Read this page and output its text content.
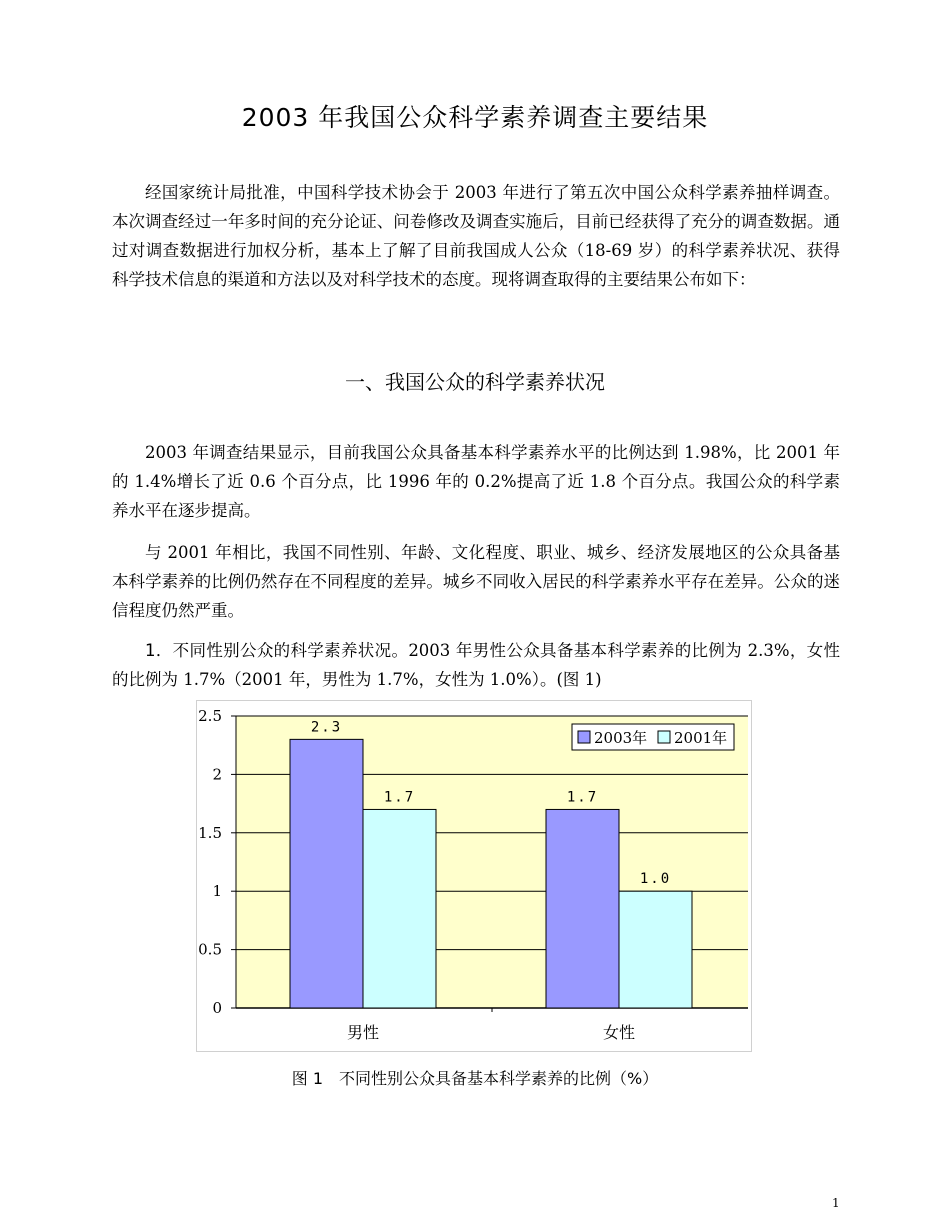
2003 年我国公众科学素养调查主要结果

经国家统计局批准，中国科学技术协会于 2003 年进行了第五次中国公众科学素养抽样调查。本次调查经过一年多时间的充分论证、问卷修改及调查实施后，目前已经获得了充分的调查数据。通过对调查数据进行加权分析，基本上了解了目前我国成人公众（18-69 岁）的科学素养状况、获得科学技术信息的渠道和方法以及对科学技术的态度。现将调查取得的主要结果公布如下：

一、我国公众的科学素养状况

2003 年调查结果显示，目前我国公众具备基本科学素养水平的比例达到 1.98%，比 2001 年的 1.4%增长了近 0.6 个百分点，比 1996 年的 0.2%提高了近 1.8 个百分点。我国公众的科学素养水平在逐步提高。

与 2001 年相比，我国不同性别、年龄、文化程度、职业、城乡、经济发展地区的公众具备基本科学素养的比例仍然存在不同程度的差异。城乡不同收入居民的科学素养水平存在差异。公众的迷信程度仍然严重。

1．不同性别公众的科学素养状况。2003 年男性公众具备基本科学素养的比例为 2.3%，女性的比例为 1.7%（2001 年，男性为 1.7%，女性为 1.0%）。(图 1)

0
0.5
1
1.5
2
2.5
2.3
1.7
男性
1.7
1.0
女性
2003年 2001年
图 1　不同性别公众具备基本科学素养的比例（%）
1
